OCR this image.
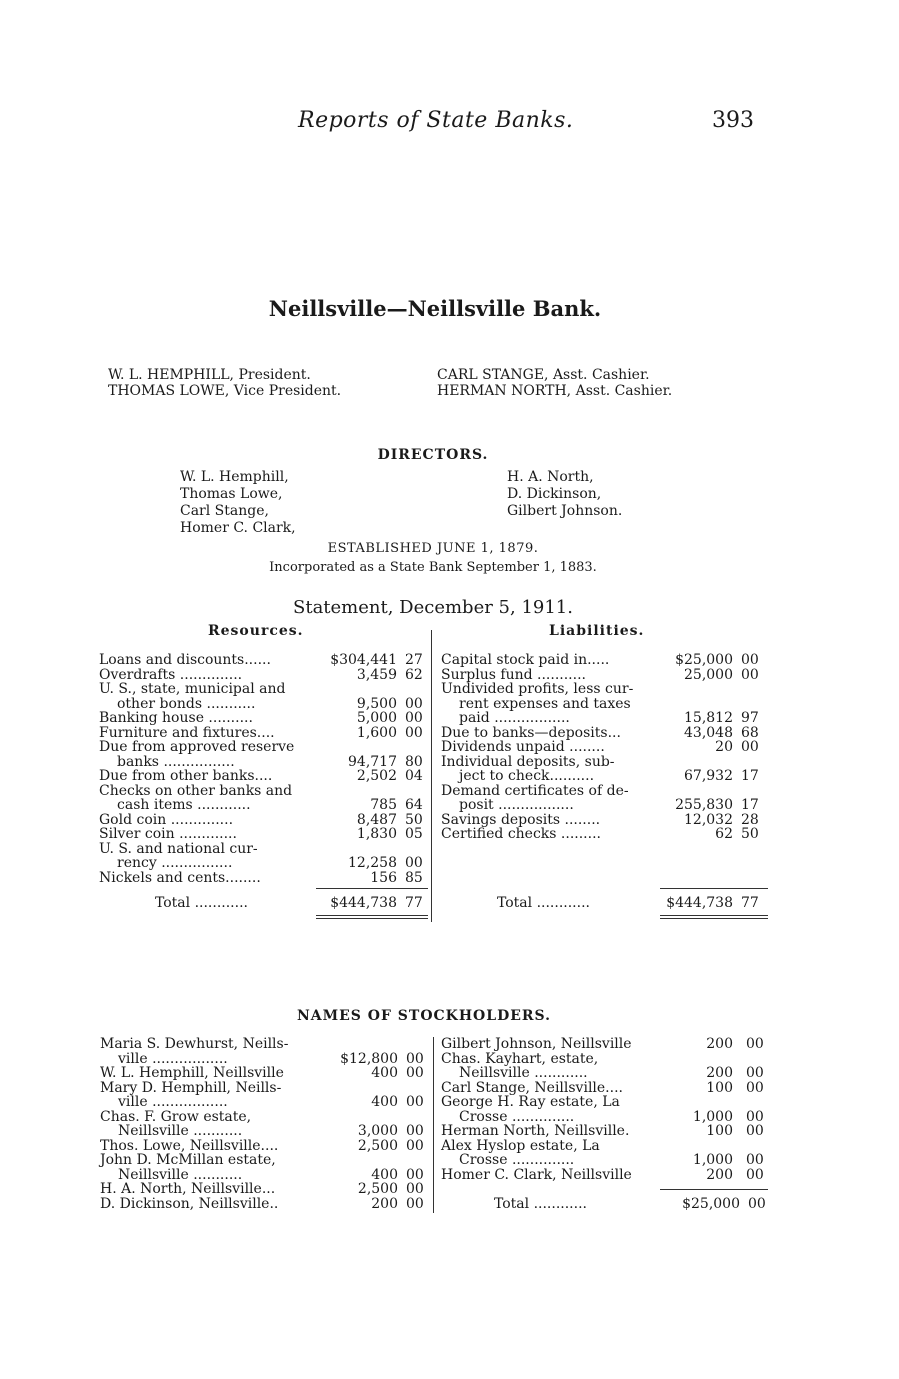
Reports of State Banks.	393
Neillsville—Neillsville Bank.
W. L. HEMPHILL, President.
THOMAS LOWE, Vice President.
CARL STANGE, Asst. Cashier.
HERMAN NORTH, Asst. Cashier.
DIRECTORS.
W. L. Hemphill,
Thomas Lowe,
Carl Stange,
Homer C. Clark,
H. A. North,
D. Dickinson,
Gilbert Johnson.
ESTABLISHED JUNE 1, 1879.
Incorporated as a State Bank September 1, 1883.
Statement, December 5, 1911.
Resources.	Liabilities.
Loans and discounts......	$304,441 27
Overdrafts ..............	3,459 62
U. S., state, municipal and
other bonds ...........	9,500 00
Banking house ..........	5,000 00
Furniture and fixtures....	1,600 00
Due from approved reserve
banks ................	94,717 80
Due from other banks....	2,502 04
Checks on other banks and
cash items ............	785 64
Gold coin ..............	8,487 50
Silver coin .............	1,830 05
U. S. and national cur-
rency ................	12,258 00
Nickels and cents........	156 85
Capital stock paid in.....	$25,000 00
Surplus fund ...........	25,000 00
Undivided profits, less cur-
rent expenses and taxes
paid .................	15,812 97
Due to banks—deposits...	43,048 68
Dividends unpaid ........	20 00
Individual deposits, sub-
ject to check..........	67,932 17
Demand certificates of de-
posit .................	255,830 17
Savings deposits ........	12,032 28
Certified checks .........	62 50
Total ............	$444,738 77	Total ............	$444,738 77
NAMES OF STOCKHOLDERS.
Maria S. Dewhurst, Neills-
ville .................	$12,800 00
W. L. Hemphill, Neillsville	400 00
Mary D. Hemphill, Neills-
ville .................	400 00
Chas. F. Grow estate,
Neillsville ...........	3,000 00
Thos. Lowe, Neillsville....	2,500 00
John D. McMillan estate,
Neillsville ...........	400 00
H. A. North, Neillsville...	2,500 00
D. Dickinson, Neillsville..	200 00
Gilbert Johnson, Neillsville	200 00
Chas. Kayhart, estate,
Neillsville ............	200 00
Carl Stange, Neillsville....	100 00
George H. Ray estate, La
Crosse ..............	1,000 00
Herman North, Neillsville.	100 00
Alex Hyslop estate, La
Crosse ..............	1,000 00
Homer C. Clark, Neillsville	200 00
Total ............	$25,000 00
